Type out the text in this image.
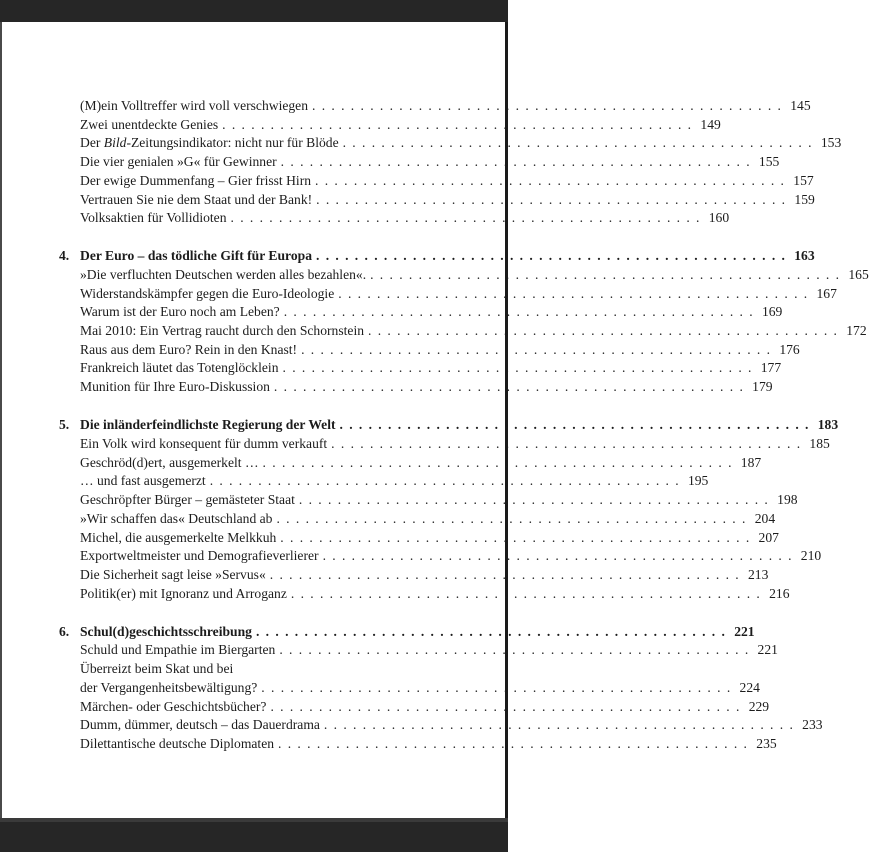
(M)ein Volltreffer wird voll verschwiegen ................................................. 145
Zwei unentdeckte Genies ................................................. 149
Der Bild-Zeitungsindikator: nicht nur für Blöde ................................................. 153
Die vier genialen »G« für Gewinner ................................................. 155
Der ewige Dummenfang – Gier frisst Hirn ................................................. 157
Vertrauen Sie nie dem Staat und der Bank! ................................................. 159
Volksaktien für Vollidioten ................................................. 160
4. Der Euro – das tödliche Gift für Europa ................................................. 163
»Die verfluchten Deutschen werden alles bezahlen«. ................................................. 165
Widerstandskämpfer gegen die Euro-Ideologie ................................................. 167
Warum ist der Euro noch am Leben? ................................................. 169
Mai 2010: Ein Vertrag raucht durch den Schornstein ................................................. 172
Raus aus dem Euro? Rein in den Knast! ................................................. 176
Frankreich läutet das Totenglöcklein ................................................. 177
Munition für Ihre Euro-Diskussion ................................................. 179
5. Die inländerfeindlichste Regierung der Welt ................................................. 183
Ein Volk wird konsequent für dumm verkauft ................................................. 185
Geschröd(d)ert, ausgemerkelt … ................................................. 187
… und fast ausgemerzt ................................................. 195
Geschröpfter Bürger – gemästeter Staat ................................................. 198
»Wir schaffen das« Deutschland ab ................................................. 204
Michel, die ausgemerkelte Melkkuh ................................................. 207
Exportweltmeister und Demografieverlierer ................................................. 210
Die Sicherheit sagt leise »Servus« ................................................. 213
Politik(er) mit Ignoranz und Arroganz ................................................. 216
6. Schul(d)geschichtsschreibung ................................................. 221
Schuld und Empathie im Biergarten ................................................. 221
Überreizt beim Skat und bei
der Vergangenheitsbewältigung? ................................................. 224
Märchen- oder Geschichtsbücher? ................................................. 229
Dumm, dümmer, deutsch – das Dauerdrama ................................................. 233
Dilettantische deutsche Diplomaten ................................................. 235
